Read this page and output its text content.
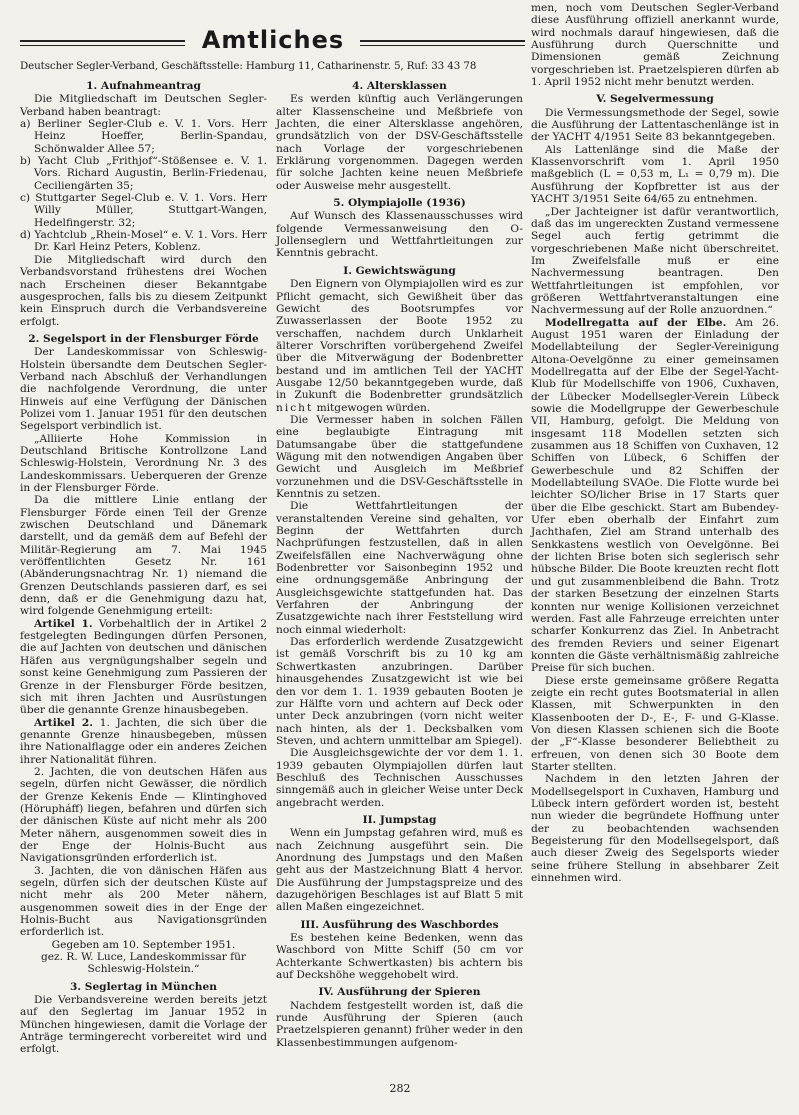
Amtliches
Deutscher Segler-Verband, Geschäftsstelle: Hamburg 11, Catharinenstr. 5, Ruf: 33 43 78

1. Aufnahmeantrag

Die Mitgliedschaft im Deutschen Segler-Verband haben beantragt:

a) Berliner Segler-Club e. V. 1. Vors. Herr Heinz Hoeffer, Berlin-Spandau, Schönwalder Allee 57;
b) Yacht Club „Frithjof“-Stößensee e. V. 1. Vors. Richard Augustin, Berlin-Friedenau, Ceciliengärten 35;
c) Stuttgarter Segel-Club e. V. 1. Vors. Herr Willy Müller, Stuttgart-Wangen, Hedelfingerstr. 32;
d) Yachtclub „Rhein-Mosel“ e. V. 1. Vors. Herr Dr. Karl Heinz Peters, Koblenz.

Die Mitgliedschaft wird durch den Verbandsvorstand frühestens drei Wochen nach Erscheinen dieser Bekanntgabe ausgesprochen, falls bis zu diesem Zeitpunkt kein Einspruch durch die Verbandsvereine erfolgt.

2. Segelsport in der Flensburger Förde

Der Landeskommissar von Schleswig-Holstein übersandte dem Deutschen Segler-Verband nach Abschluß der Verhandlungen die nachfolgende Verordnung, die unter Hinweis auf eine Verfügung der Dänischen Polizei vom 1. Januar 1951 für den deutschen Segelsport verbindlich ist.

„Alliierte Hohe Kommission in Deutschland Britische Kontrollzone Land Schleswig-Holstein, Verordnung Nr. 3 des Landeskommissars. Ueberqueren der Grenze in der Flensburger Förde.

Da die mittlere Linie entlang der Flensburger Förde einen Teil der Grenze zwischen Deutschland und Dänemark darstellt, und da gemäß dem auf Befehl der Militär-Regierung am 7. Mai 1945 veröffentlichten Gesetz Nr. 161 (Abänderungsnachtrag Nr. 1) niemand die Grenzen Deutschlands passieren darf, es sei denn, daß er die Genehmigung dazu hat, wird folgende Genehmigung erteilt:

Artikel 1. Vorbehaltlich der in Artikel 2 festgelegten Bedingungen dürfen Personen, die auf Jachten von deutschen und dänischen Häfen aus vergnügungshalber segeln und sonst keine Genehmigung zum Passieren der Grenze in der Flensburger Förde besitzen, sich mit ihren Jachten und Ausrüstungen über die genannte Grenze hinausbegeben.

Artikel 2. 1. Jachten, die sich über die genannte Grenze hinausbegeben, müssen ihre Nationalflagge oder ein anderes Zeichen ihrer Nationalität führen.

2. Jachten, die von deutschen Häfen aus segeln, dürfen nicht Gewässer, die nördlich der Grenze Kekenis Ende — Klintinghoved (Hörupháff) liegen, befahren und dürfen sich der dänischen Küste auf nicht mehr als 200 Meter nähern, ausgenommen soweit dies in der Enge der Holnis-Bucht aus Navigationsgründen erforderlich ist.

3. Jachten, die von dänischen Häfen aus segeln, dürfen sich der deutschen Küste auf nicht mehr als 200 Meter nähern, ausgenommen soweit dies in der Enge der Holnis-Bucht aus Navigationsgründen erforderlich ist.

Gegeben am 10. September 1951.

gez. R. W. Luce, Landeskommissar für Schleswig-Holstein.“

3. Seglertag in München

Die Verbandsvereine werden bereits jetzt auf den Seglertag im Januar 1952 in München hingewiesen, damit die Vorlage der Anträge termingerecht vorbereitet wird und erfolgt.

4. Altersklassen

Es werden künftig auch Verlängerungen alter Klassenscheine und Meßbriefe von Jachten, die einer Altersklasse angehören, grundsätzlich von der DSV-Geschäftsstelle nach Vorlage der vorgeschriebenen Erklärung vorgenommen. Dagegen werden für solche Jachten keine neuen Meßbriefe oder Ausweise mehr ausgestellt.

5. Olympiajolle (1936)

Auf Wunsch des Klassenausschusses wird folgende Vermessanweisung den O-Jollenseglern und Wettfahrtleitungen zur Kenntnis gebracht.

I. Gewichtswägung

Den Eignern von Olympiajollen wird es zur Pflicht gemacht, sich Gewißheit über das Gewicht des Bootsrumpfes vor Zuwasserlassen der Boote 1952 zu verschaffen, nachdem durch Unklarheit älterer Vorschriften vorübergehend Zweifel über die Mitverwägung der Bodenbretter bestand und im amtlichen Teil der YACHT Ausgabe 12/50 bekanntgegeben wurde, daß in Zukunft die Bodenbretter grundsätzlich nicht mitgewogen würden.

Die Vermesser haben in solchen Fällen eine beglaubigte Eintragung mit Datumsangabe über die stattgefundene Wägung mit den notwendigen Angaben über Gewicht und Ausgleich im Meßbrief vorzunehmen und die DSV-Geschäftsstelle in Kenntnis zu setzen.

Die Wettfahrtleitungen der veranstaltenden Vereine sind gehalten, vor Beginn der Wettfahrten durch Nachprüfungen festzustellen, daß in allen Zweifelsfällen eine Nachverwägung ohne Bodenbretter vor Saisonbeginn 1952 und eine ordnungsgemäße Anbringung der Ausgleichsgewichte stattgefunden hat. Das Verfahren der Anbringung der Zusatzgewichte nach ihrer Feststellung wird noch einmal wiederholt:

Das erforderlich werdende Zusatzgewicht ist gemäß Vorschrift bis zu 10 kg am Schwertkasten anzubringen. Darüber hinausgehendes Zusatzgewicht ist wie bei den vor dem 1. 1. 1939 gebauten Booten je zur Hälfte vorn und achtern auf Deck oder unter Deck anzubringen (vorn nicht weiter nach hinten, als der 1. Decksbalken vom Steven, und achtern unmittelbar am Spiegel).

Die Ausgleichsgewichte der vor dem 1. 1. 1939 gebauten Olympiajollen dürfen laut Beschluß des Technischen Ausschusses sinngemäß auch in gleicher Weise unter Deck angebracht werden.

II. Jumpstag

Wenn ein Jumpstag gefahren wird, muß es nach Zeichnung ausgeführt sein. Die Anordnung des Jumpstags und den Maßen geht aus der Mastzeichnung Blatt 4 hervor. Die Ausführung der Jumpstagspreize und des dazugehörigen Beschlages ist auf Blatt 5 mit allen Maßen eingezeichnet.

III. Ausführung des Waschbordes

Es bestehen keine Bedenken, wenn das Waschbord von Mitte Schiff (50 cm vor Achterkante Schwertkasten) bis achtern bis auf Deckshöhe weggehobelt wird.

IV. Ausführung der Spieren

Nachdem festgestellt worden ist, daß die runde Ausführung der Spieren (auch Praetzelspieren genannt) früher weder in den Klassenbestimmungen aufgenom-

men, noch vom Deutschen Segler-Verband diese Ausführung offiziell anerkannt wurde, wird nochmals darauf hingewiesen, daß die Ausführung durch Querschnitte und Dimensionen gemäß Zeichnung vorgeschrieben ist. Praetzelspieren dürfen ab 1. April 1952 nicht mehr benutzt werden.

V. Segelvermessung

Die Vermessungsmethode der Segel, sowie die Ausführung der Lattentaschenlänge ist in der YACHT 4/1951 Seite 83 bekanntgegeben.

Als Lattenlänge sind die Maße der Klassenvorschrift vom 1. April 1950 maßgeblich (L = 0,53 m, L₁ = 0,79 m). Die Ausführung der Kopfbretter ist aus der YACHT 3/1951 Seite 64/65 zu entnehmen.

„Der Jachteigner ist dafür verantwortlich, daß das im ungereckten Zustand vermessene Segel auch fertig getrimmt die vorgeschriebenen Maße nicht überschreitet. Im Zweifelsfalle muß er eine Nachvermessung beantragen. Den Wettfahrtleitungen ist empfohlen, vor größeren Wettfahrtveranstaltungen eine Nachvermessung auf der Rolle anzuordnen.“

Modellregatta auf der Elbe. Am 26. August 1951 waren der Einladung der Modellabteilung der Segler-Vereinigung Altona-Oevelgönne zu einer gemeinsamen Modellregatta auf der Elbe der Segel-Yacht-Klub für Modellschiffe von 1906, Cuxhaven, der Lübecker Modellsegler-Verein Lübeck sowie die Modellgruppe der Gewerbeschule VII, Hamburg, gefolgt. Die Meldung von insgesamt 118 Modellen setzten sich zusammen aus 18 Schiffen von Cuxhaven, 12 Schiffen von Lübeck, 6 Schiffen der Gewerbeschule und 82 Schiffen der Modellabteilung SVAOe. Die Flotte wurde bei leichter SO/licher Brise in 17 Starts quer über die Elbe geschickt. Start am Bubendey-Ufer eben oberhalb der Einfahrt zum Jachthafen, Ziel am Strand unterhalb des Senkkastens westlich von Oevelgönne. Bei der lichten Brise boten sich seglerisch sehr hübsche Bilder. Die Boote kreuzten recht flott und gut zusammenbleibend die Bahn. Trotz der starken Besetzung der einzelnen Starts konnten nur wenige Kollisionen verzeichnet werden. Fast alle Fahrzeuge erreichten unter scharfer Konkurrenz das Ziel. In Anbetracht des fremden Reviers und seiner Eigenart konnten die Gäste verhältnismäßig zahlreiche Preise für sich buchen.

Diese erste gemeinsame größere Regatta zeigte ein recht gutes Bootsmaterial in allen Klassen, mit Schwerpunkten in den Klassenbooten der D-, E-, F- und G-Klasse. Von diesen Klassen schienen sich die Boote der „F“-Klasse besonderer Beliebtheit zu erfreuen, von denen sich 30 Boote dem Starter stellten.

Nachdem in den letzten Jahren der Modellsegelsport in Cuxhaven, Hamburg und Lübeck intern gefördert worden ist, besteht nun wieder die begründete Hoffnung unter der zu beobachtenden wachsenden Begeisterung für den Modellsegelsport, daß auch dieser Zweig des Segelsports wieder seine frühere Stellung in absehbarer Zeit einnehmen wird.

282
